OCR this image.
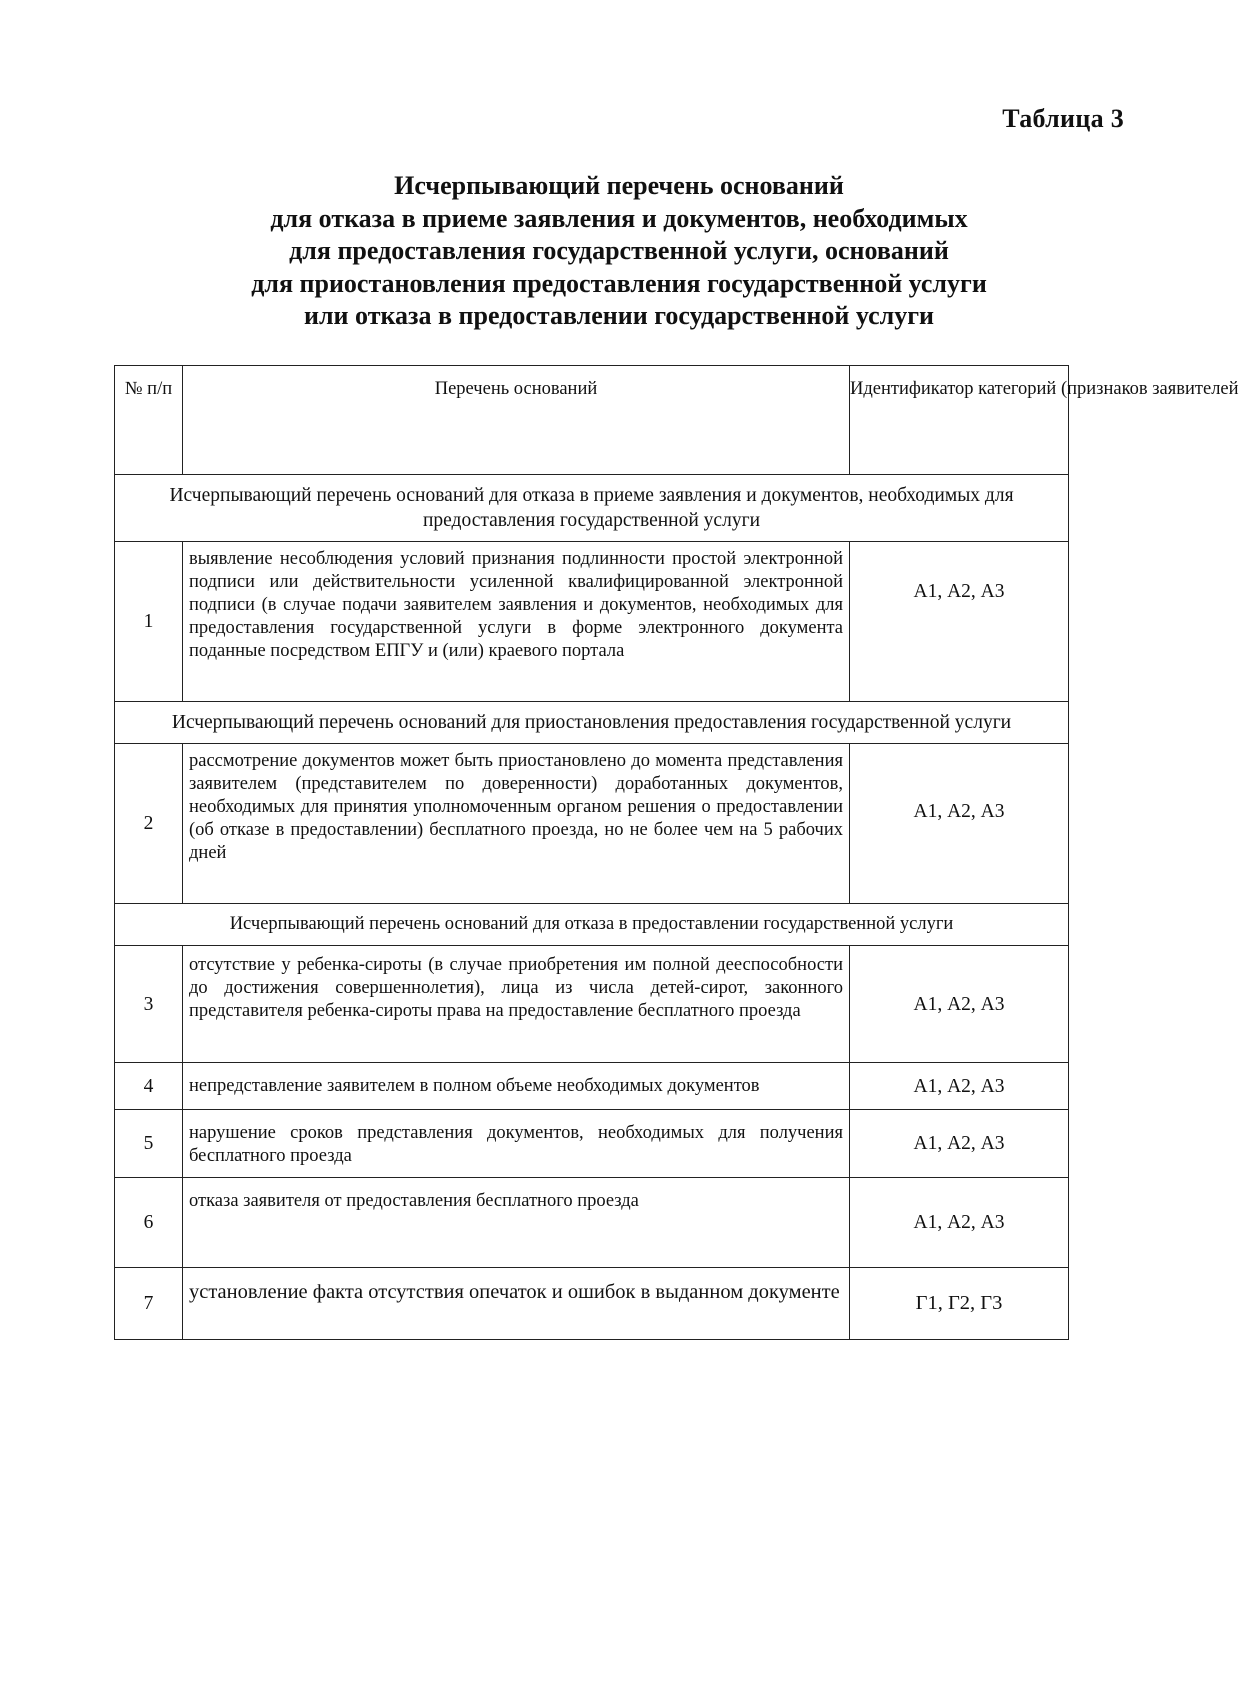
Таблица 3
Исчерпывающий перечень оснований
для отказа в приеме заявления и документов, необходимых
для предоставления государственной услуги, оснований
для приостановления предоставления государственной услуги
или отказа в предоставлении государственной услуги
№ п/п	Перечень оснований	Идентификатор категорий (признаков заявителей
Исчерпывающий перечень оснований для отказа в приеме заявления и документов, необходимых для предоставления государственной услуги		
1	выявление несоблюдения условий признания подлинности простой электронной подписи или действительности усиленной квалифицированной электронной подписи (в случае подачи заявителем заявления и документов, необходимых для предоставления государственной услуги в форме электронного документа поданные посредством ЕПГУ и (или) краевого портала	А1, А2, А3
Исчерпывающий перечень оснований для приостановления предоставления государственной услуги		
2	рассмотрение документов может быть приостановлено до момента представления заявителем (представителем по доверенности) доработанных документов, необходимых для принятия уполномоченным органом решения о предоставлении (об отказе в предоставлении) бесплатного проезда, но не более чем на 5 рабочих дней	А1, А2, А3
Исчерпывающий перечень оснований для отказа в предоставлении государственной услуги		
3	отсутствие у ребенка-сироты (в случае приобретения им полной дееспособности до достижения совершеннолетия), лица из числа детей-сирот, законного представителя ребенка-сироты права на предоставление бесплатного проезда	А1, А2, А3
4	непредставление заявителем в полном объеме необходимых документов	А1, А2, А3
5	нарушение сроков представления документов, необходимых для получения бесплатного проезда	А1, А2, А3
6	отказа заявителя от предоставления бесплатного проезда	А1, А2, А3
7	установление факта отсутствия опечаток и ошибок в выданном документе	Г1, Г2, Г3
